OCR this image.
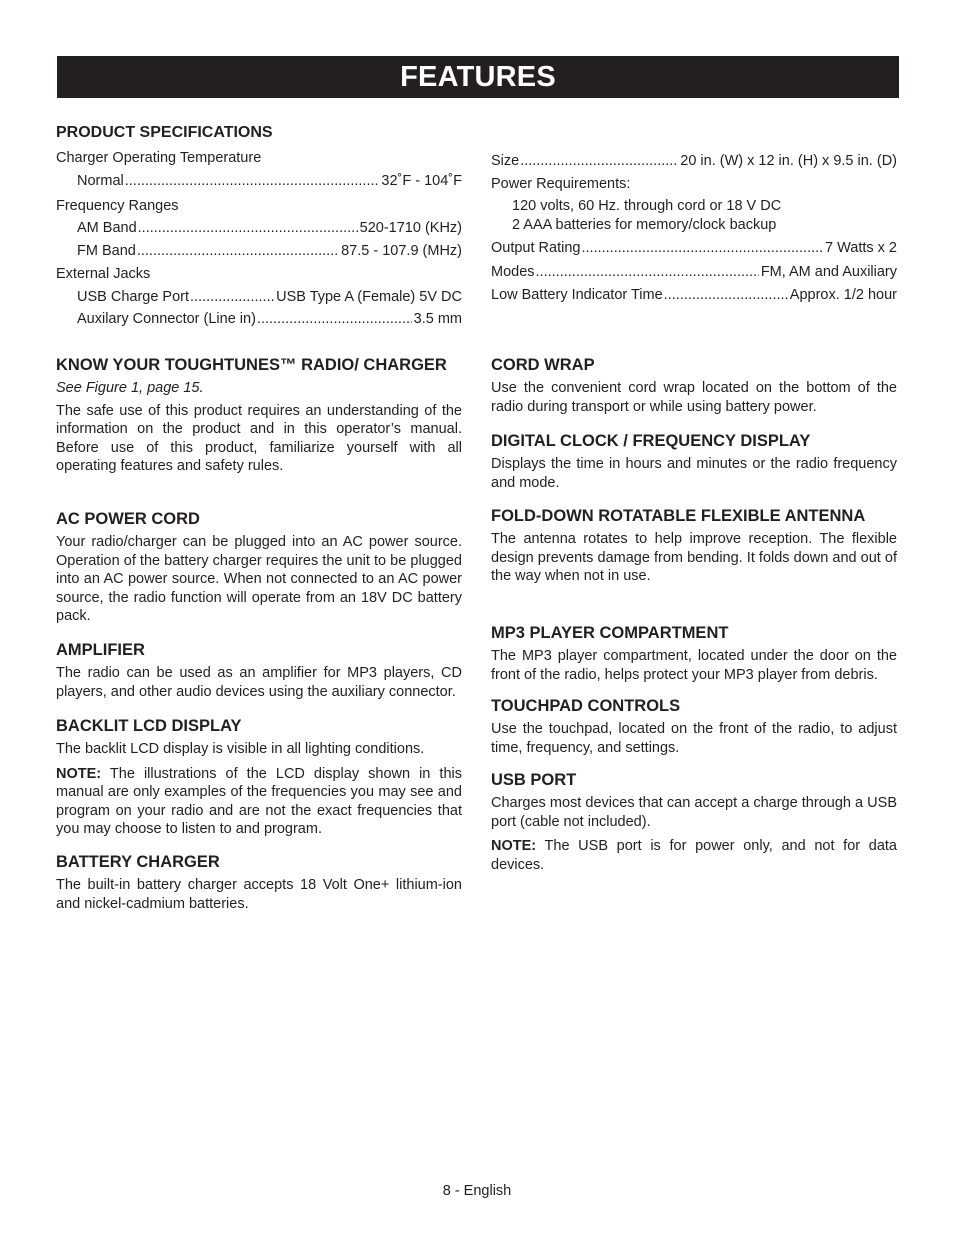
FEATURES
PRODUCT SPECIFICATIONS
Charger Operating Temperature
Normal .....	32˚F - 104˚F
Frequency Ranges
AM Band .....	520-1710 (KHz)
FM Band .....	87.5 - 107.9 (MHz)
External Jacks
USB Charge Port .....	USB Type A (Female) 5V DC
Auxilary Connector (Line in) .....	3.5 mm
Size .....	20 in. (W) x 12 in. (H) x 9.5 in. (D)
Power Requirements:
120 volts, 60 Hz. through cord or 18 V DC
2 AAA batteries for memory/clock backup
Output Rating .....	7 Watts x 2
Modes .....	FM, AM and Auxiliary
Low Battery Indicator Time .....	Approx. 1/2 hour
KNOW YOUR TOUGHTUNES™ RADIO/ CHARGER

See Figure 1, page 15.

The safe use of this product requires an understanding of the information on the product and in this operator’s manual. Before use of this product, familiarize yourself with all operating features and safety rules.

AC POWER CORD

Your radio/charger can be plugged into an AC power source. Operation of the battery charger requires the unit to be plugged into an AC power source. When not connected to an AC power source, the radio function will operate from an 18V DC battery pack.

AMPLIFIER

The radio can be used as an amplifier for MP3 players, CD players, and other audio devices using the auxiliary connector.

BACKLIT LCD DISPLAY

The backlit LCD display is visible in all lighting conditions.

NOTE: The illustrations of the LCD display shown in this manual are only examples of the frequencies you may see and program on your radio and are not the exact frequencies that you may choose to listen to and program.

BATTERY CHARGER

The built-in battery charger accepts 18 Volt One+ lithium-ion and nickel-cadmium batteries.

CORD WRAP

Use the convenient cord wrap located on the bottom of the radio during transport or while using battery power.

DIGITAL CLOCK / FREQUENCY DISPLAY

Displays the time in hours and minutes or the radio frequency and mode.

FOLD-DOWN ROTATABLE FLEXIBLE ANTENNA

The antenna rotates to help improve reception. The flexible design prevents damage from bending. It folds down and out of the way when not in use.

MP3 PLAYER COMPARTMENT

The MP3 player compartment, located under the door on the front of the radio, helps protect your MP3 player from debris.

TOUCHPAD CONTROLS

Use the touchpad, located on the front of the radio, to adjust time, frequency, and settings.

USB PORT

Charges most devices that can accept a charge through a USB port (cable not included).

NOTE: The USB port is for power only, and not for data devices.

8 - English
